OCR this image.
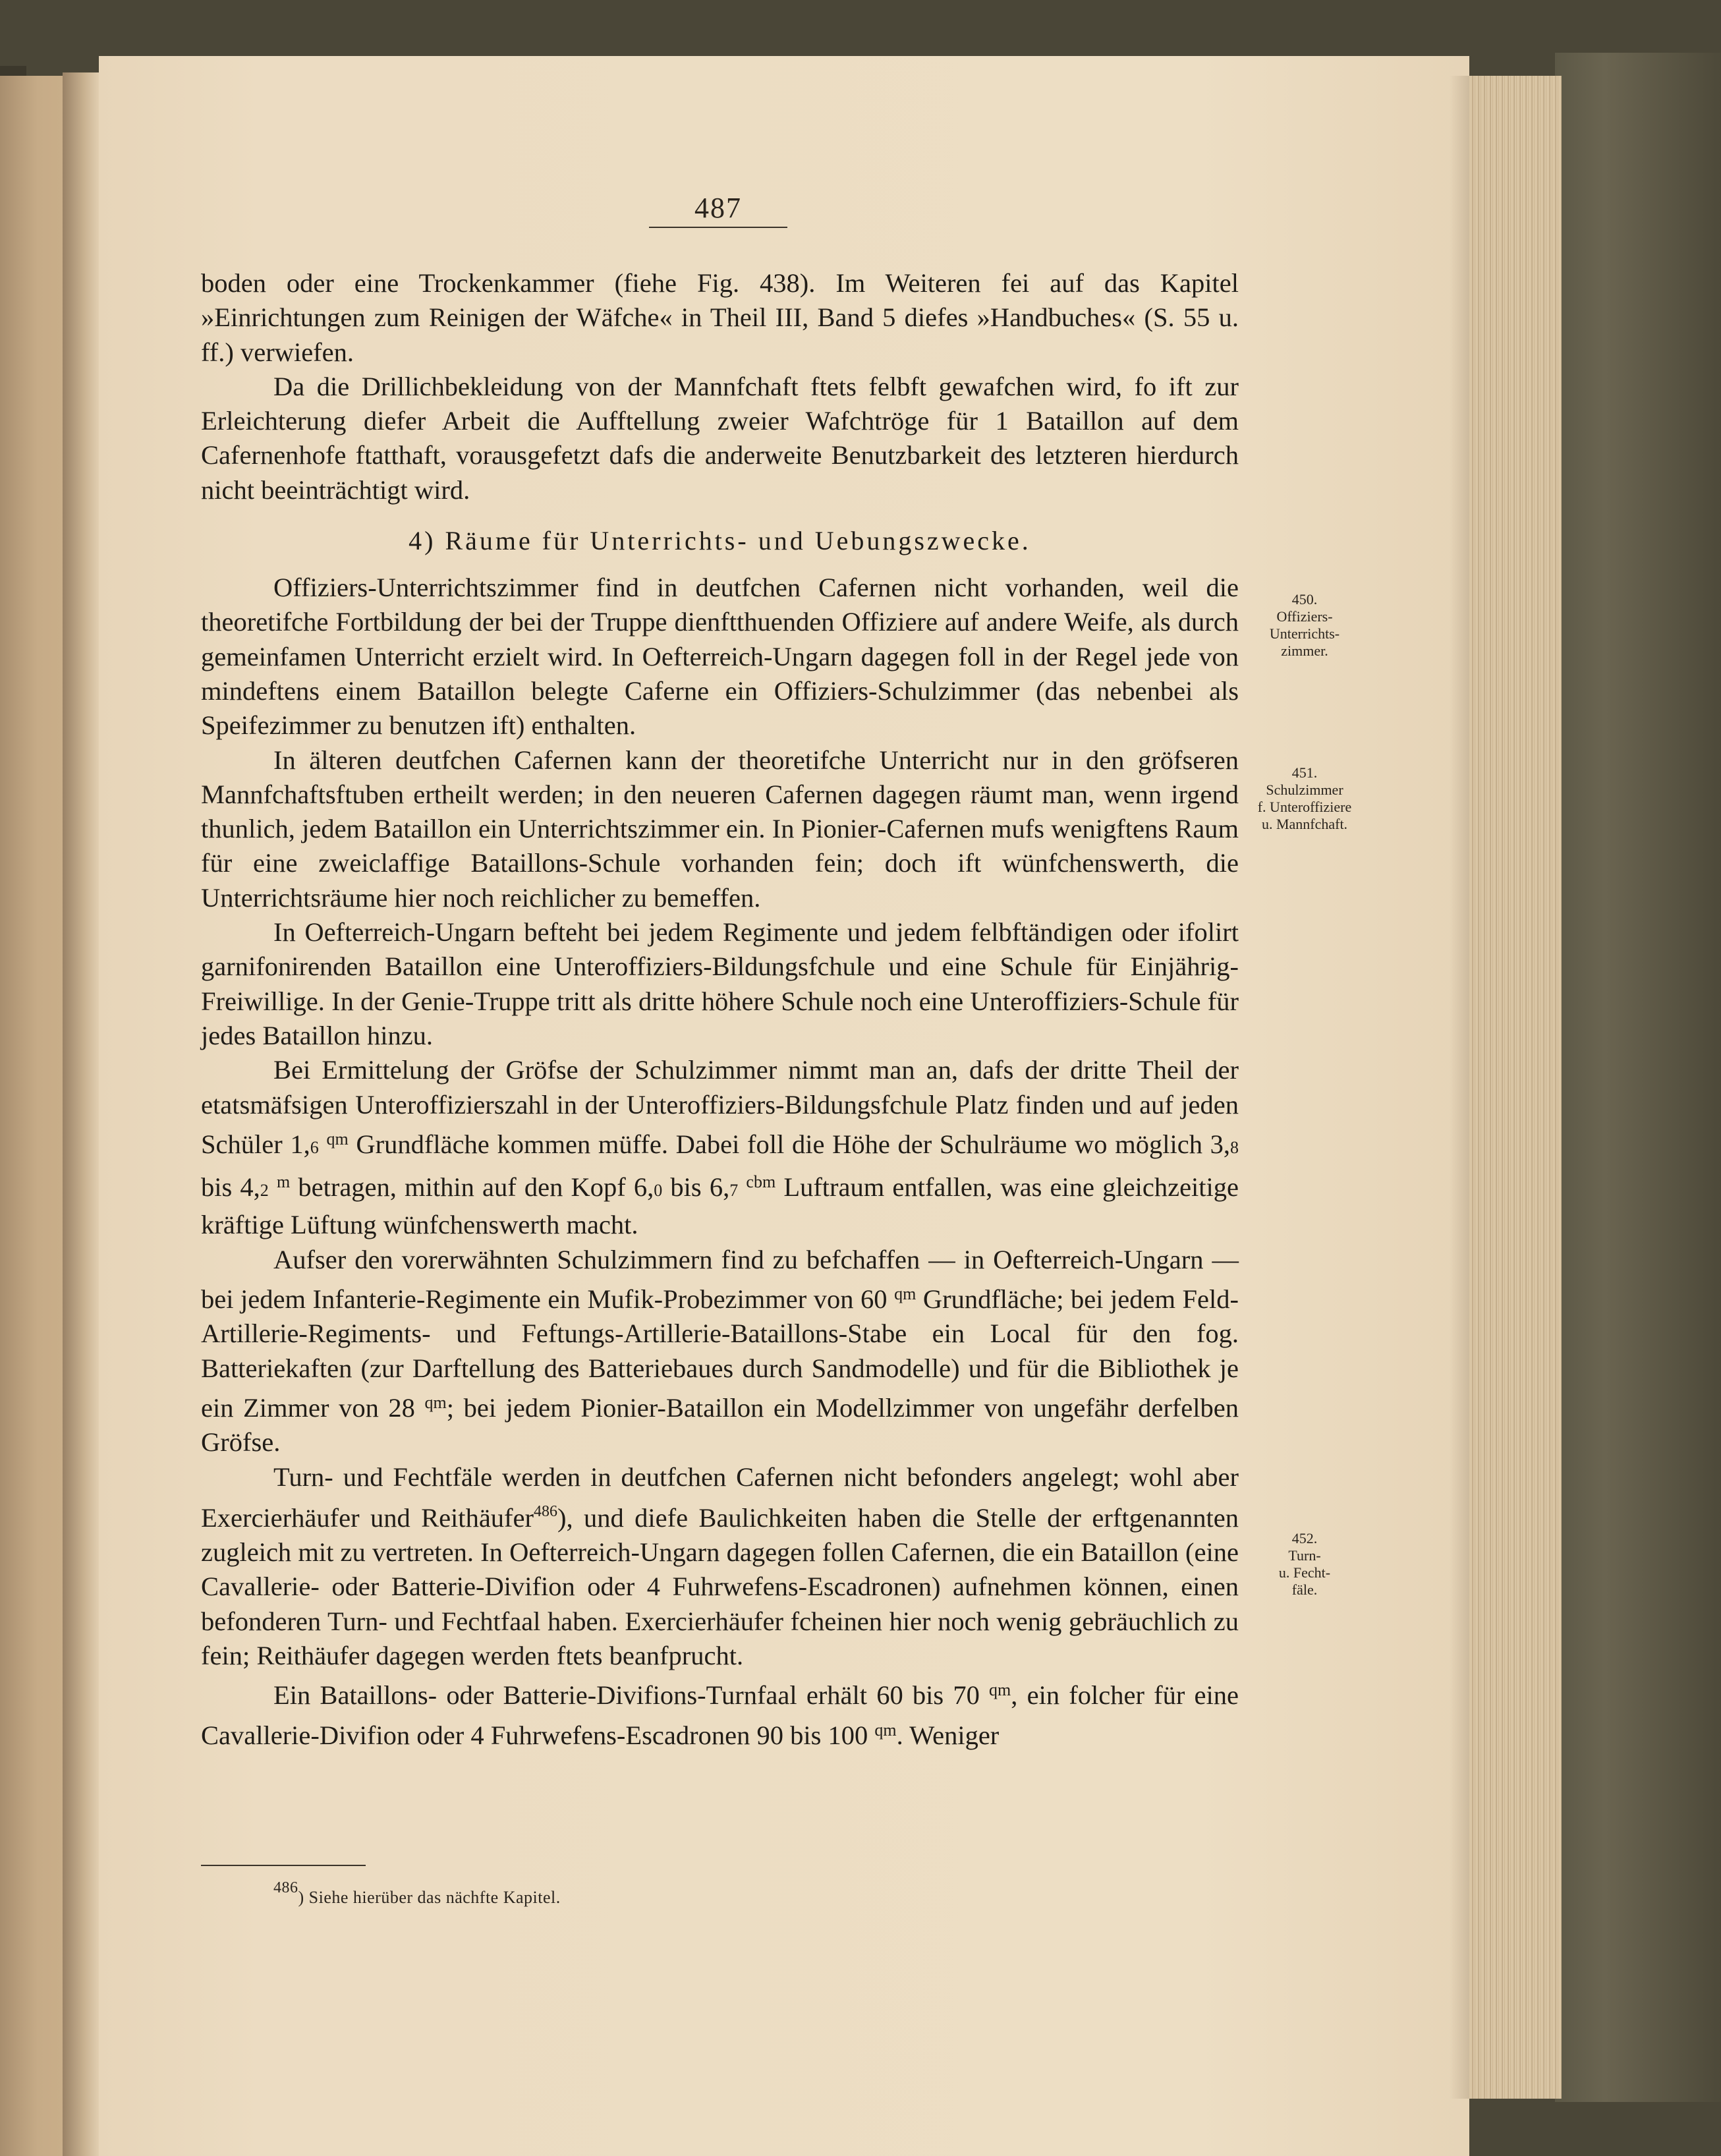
487

boden oder eine Trockenkammer (fiehe Fig. 438). Im Weiteren fei auf das Kapitel »Einrichtungen zum Reinigen der Wäfche« in Theil III, Band 5 diefes »Handbuches« (S. 55 u. ff.) verwiefen.

Da die Drillichbekleidung von der Mannfchaft ftets felbft gewafchen wird, fo ift zur Erleichterung diefer Arbeit die Aufftellung zweier Wafchtröge für 1 Bataillon auf dem Cafernenhofe ftatthaft, vorausgefetzt dafs die anderweite Benutzbarkeit des letzteren hierdurch nicht beeinträchtigt wird.

4) Räume für Unterrichts- und Uebungszwecke.

Offiziers-Unterrichtszimmer find in deutfchen Cafernen nicht vorhanden, weil die theoretifche Fortbildung der bei der Truppe dienftthuenden Offiziere auf andere Weife, als durch gemeinfamen Unterricht erzielt wird. In Oefterreich-Ungarn dagegen foll in der Regel jede von mindeftens einem Bataillon belegte Caferne ein Offiziers-Schulzimmer (das nebenbei als Speifezimmer zu benutzen ift) enthalten.

In älteren deutfchen Cafernen kann der theoretifche Unterricht nur in den gröfseren Mannfchaftsftuben ertheilt werden; in den neueren Cafernen dagegen räumt man, wenn irgend thunlich, jedem Bataillon ein Unterrichtszimmer ein. In Pionier-Cafernen mufs wenigftens Raum für eine zweiclaffige Bataillons-Schule vorhanden fein; doch ift wünfchenswerth, die Unterrichtsräume hier noch reichlicher zu bemeffen.

In Oefterreich-Ungarn befteht bei jedem Regimente und jedem felbftändigen oder ifolirt garnifonirenden Bataillon eine Unteroffiziers-Bildungsfchule und eine Schule für Einjährig-Freiwillige. In der Genie-Truppe tritt als dritte höhere Schule noch eine Unteroffiziers-Schule für jedes Bataillon hinzu.

Bei Ermittelung der Gröfse der Schulzimmer nimmt man an, dafs der dritte Theil der etatsmäfsigen Unteroffizierszahl in der Unteroffiziers-Bildungsfchule Platz finden und auf jeden Schüler 1,6 $^{qm}$ Grundfläche kommen müffe. Dabei foll die Höhe der Schulräume wo möglich 3,8 bis 4,2 $^m$ betragen, mithin auf den Kopf 6,0 bis 6,7 $^{cbm}$ Luftraum entfallen, was eine gleichzeitige kräftige Lüftung wünfchenswerth macht.

Aufser den vorerwähnten Schulzimmern find zu befchaffen — in Oefterreich-Ungarn — bei jedem Infanterie-Regimente ein Mufik-Probezimmer von 60 $^{qm}$ Grundfläche; bei jedem Feld-Artillerie-Regiments- und Feftungs-Artillerie-Bataillons-Stabe ein Local für den fog. Batteriekaften (zur Darftellung des Batteriebaues durch Sandmodelle) und für die Bibliothek je ein Zimmer von 28 $^{qm}$; bei jedem Pionier-Bataillon ein Modellzimmer von ungefähr derfelben Gröfse.

Turn- und Fechtfäle werden in deutfchen Cafernen nicht befonders angelegt; wohl aber Exercierhäufer und Reithäufer$^{486}$), und diefe Baulichkeiten haben die Stelle der erftgenannten zugleich mit zu vertreten. In Oefterreich-Ungarn dagegen follen Cafernen, die ein Bataillon (eine Cavallerie- oder Batterie-Divifion oder 4 Fuhrwefens-Escadronen) aufnehmen können, einen befonderen Turn- und Fechtfaal haben. Exercierhäufer fcheinen hier noch wenig gebräuchlich zu fein; Reithäufer dagegen werden ftets beanfprucht.

Ein Bataillons- oder Batterie-Divifions-Turnfaal erhält 60 bis 70 $^{qm}$, ein folcher für eine Cavallerie-Divifion oder 4 Fuhrwefens-Escadronen 90 bis 100 $^{qm}$. Weniger

450.
Offiziers-
Unterrichts-
zimmer.
451.
Schulzimmer
f. Unteroffiziere
u. Mannfchaft.
452.
Turn-
u. Fecht-
fäle.
486) Siehe hierüber das nächfte Kapitel.
